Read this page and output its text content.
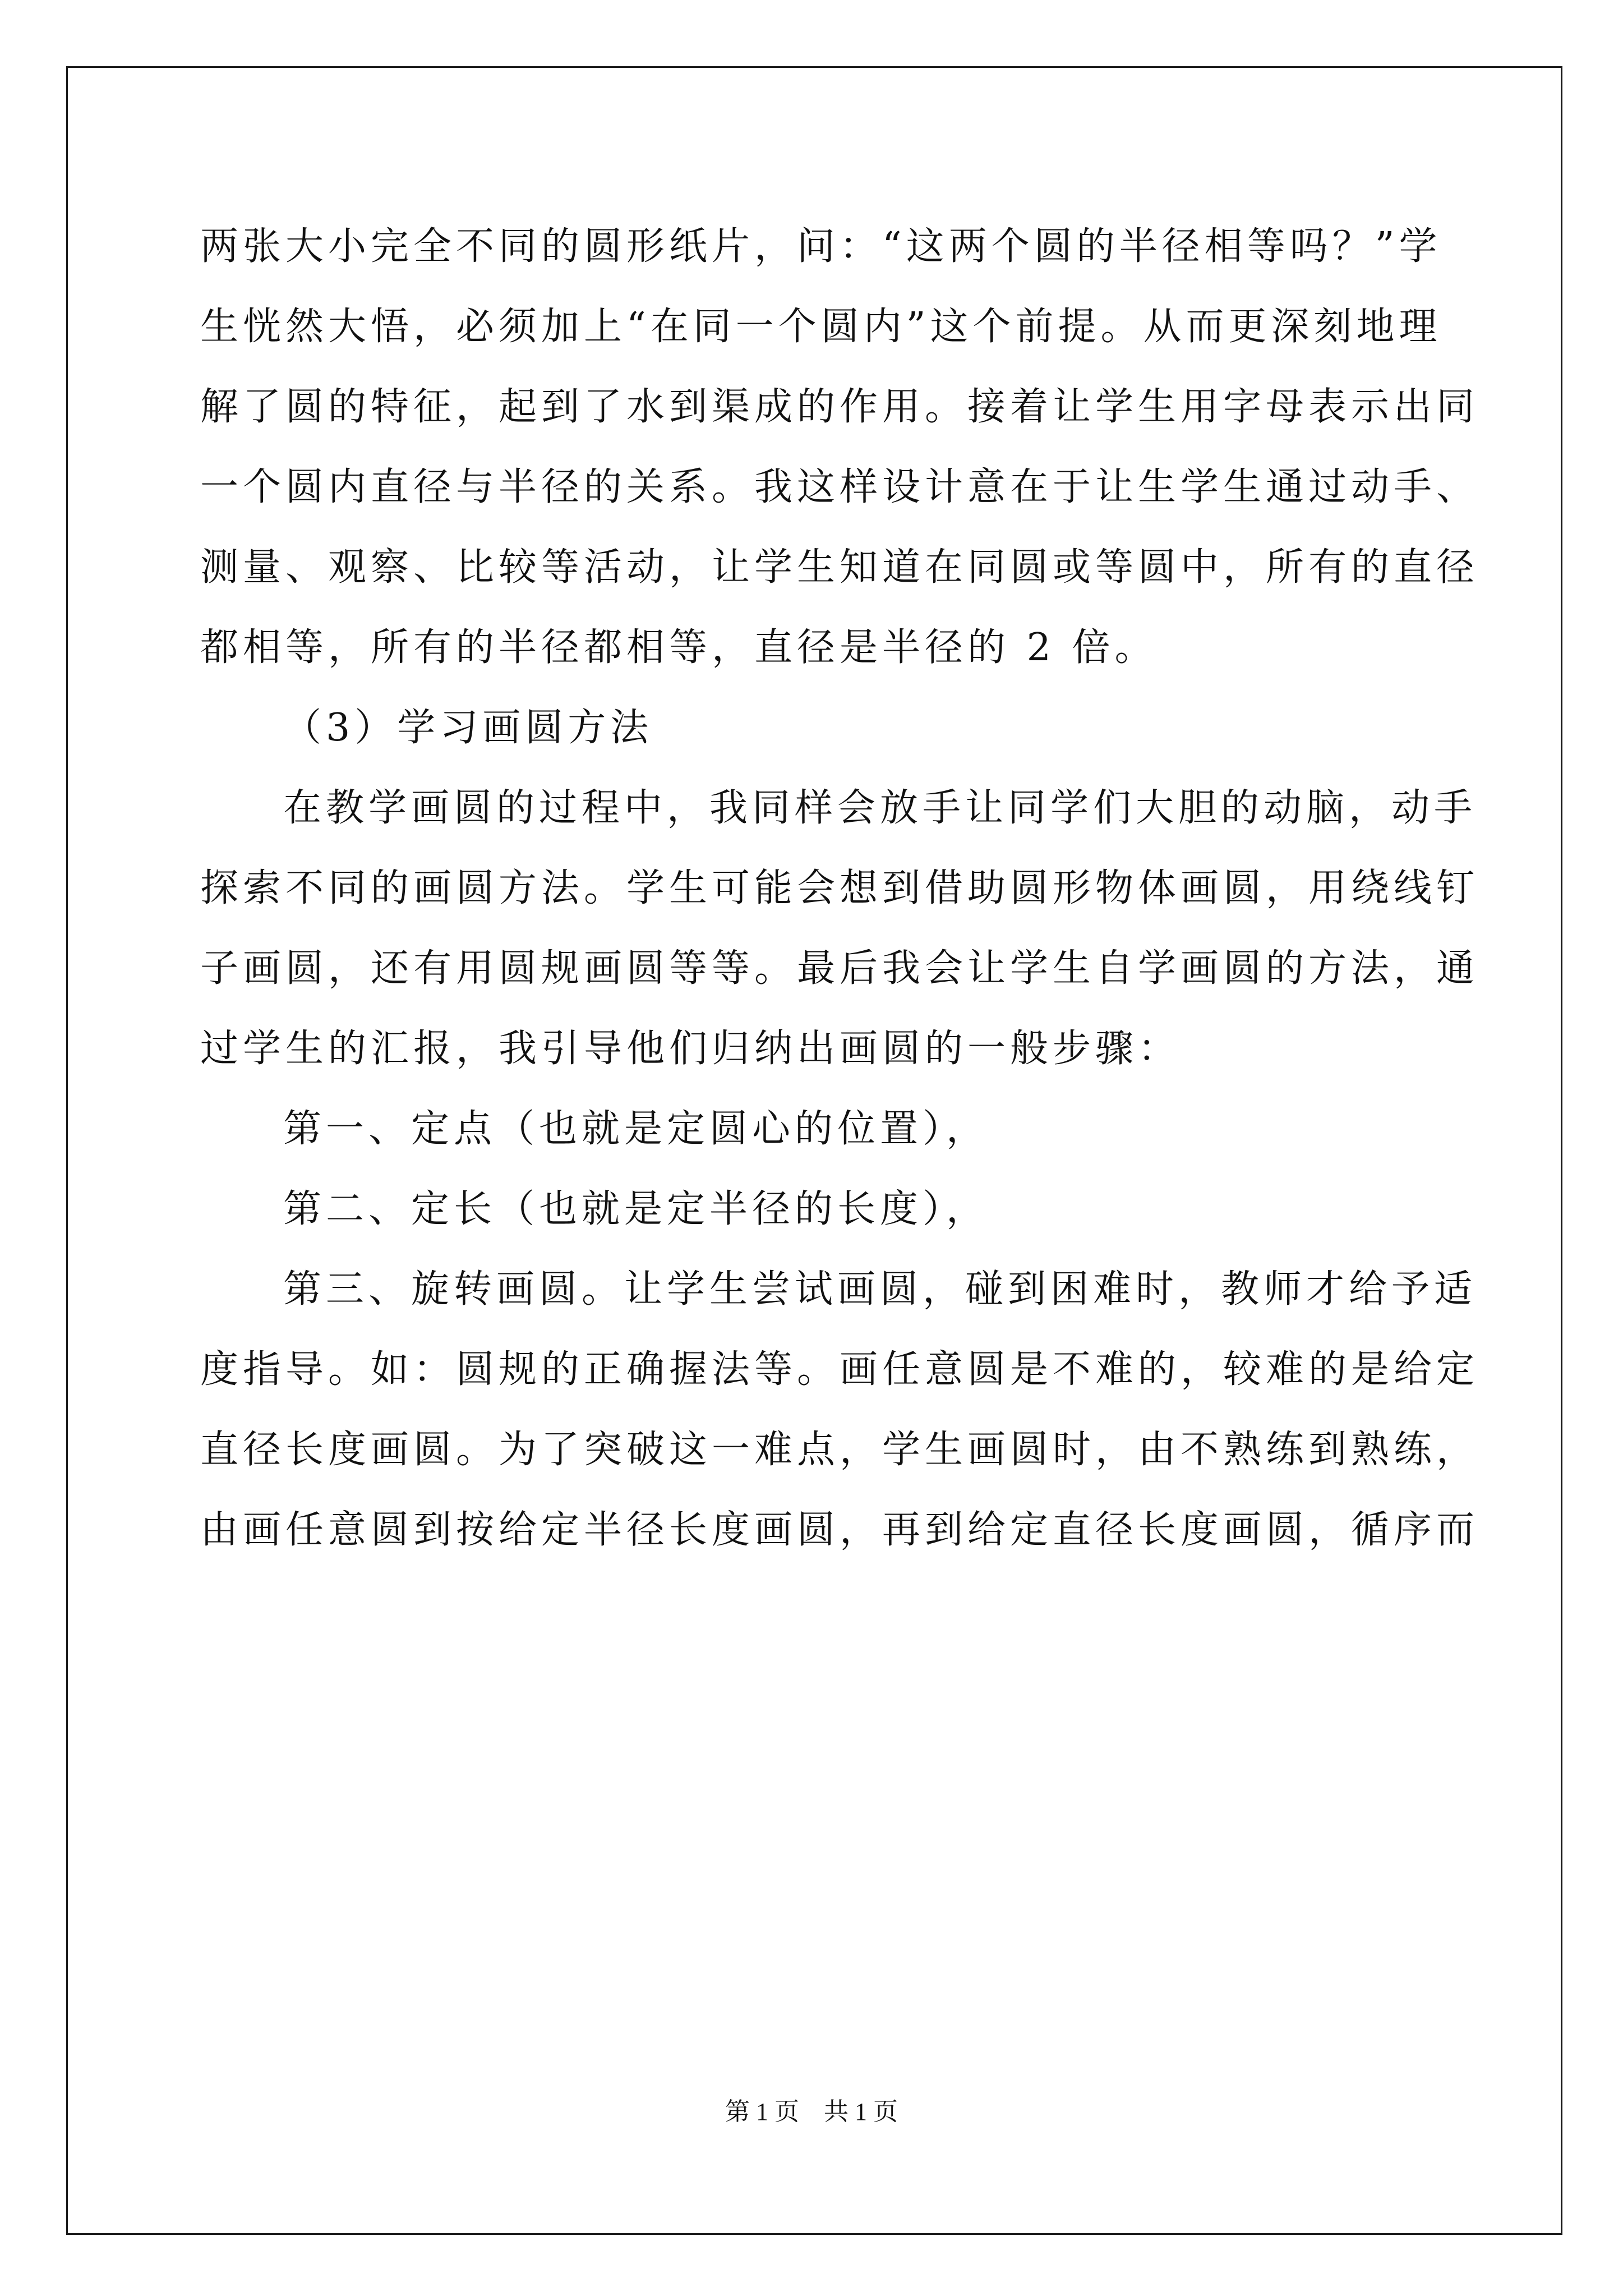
两张大小完全不同的圆形纸片，问：“这两个圆的半径相等吗？”学
生恍然大悟，必须加上“在同一个圆内”这个前提。从而更深刻地理
解了圆的特征，起到了水到渠成的作用。接着让学生用字母表示出同
一个圆内直径与半径的关系。我这样设计意在于让生学生通过动手、
测量、观察、比较等活动，让学生知道在同圆或等圆中，所有的直径
都相等，所有的半径都相等，直径是半径的 2 倍。
（3）学习画圆方法
在教学画圆的过程中，我同样会放手让同学们大胆的动脑，动手
探索不同的画圆方法。学生可能会想到借助圆形物体画圆，用绕线钉
子画圆，还有用圆规画圆等等。最后我会让学生自学画圆的方法，通
过学生的汇报，我引导他们归纳出画圆的一般步骤：
第一、定点（也就是定圆心的位置），
第二、定长（也就是定半径的长度），
第三、旋转画圆。让学生尝试画圆，碰到困难时，教师才给予适
度指导。如：圆规的正确握法等。画任意圆是不难的，较难的是给定
直径长度画圆。为了突破这一难点，学生画圆时，由不熟练到熟练，
由画任意圆到按给定半径长度画圆，再到给定直径长度画圆，循序而
第 1 页 共 1 页
